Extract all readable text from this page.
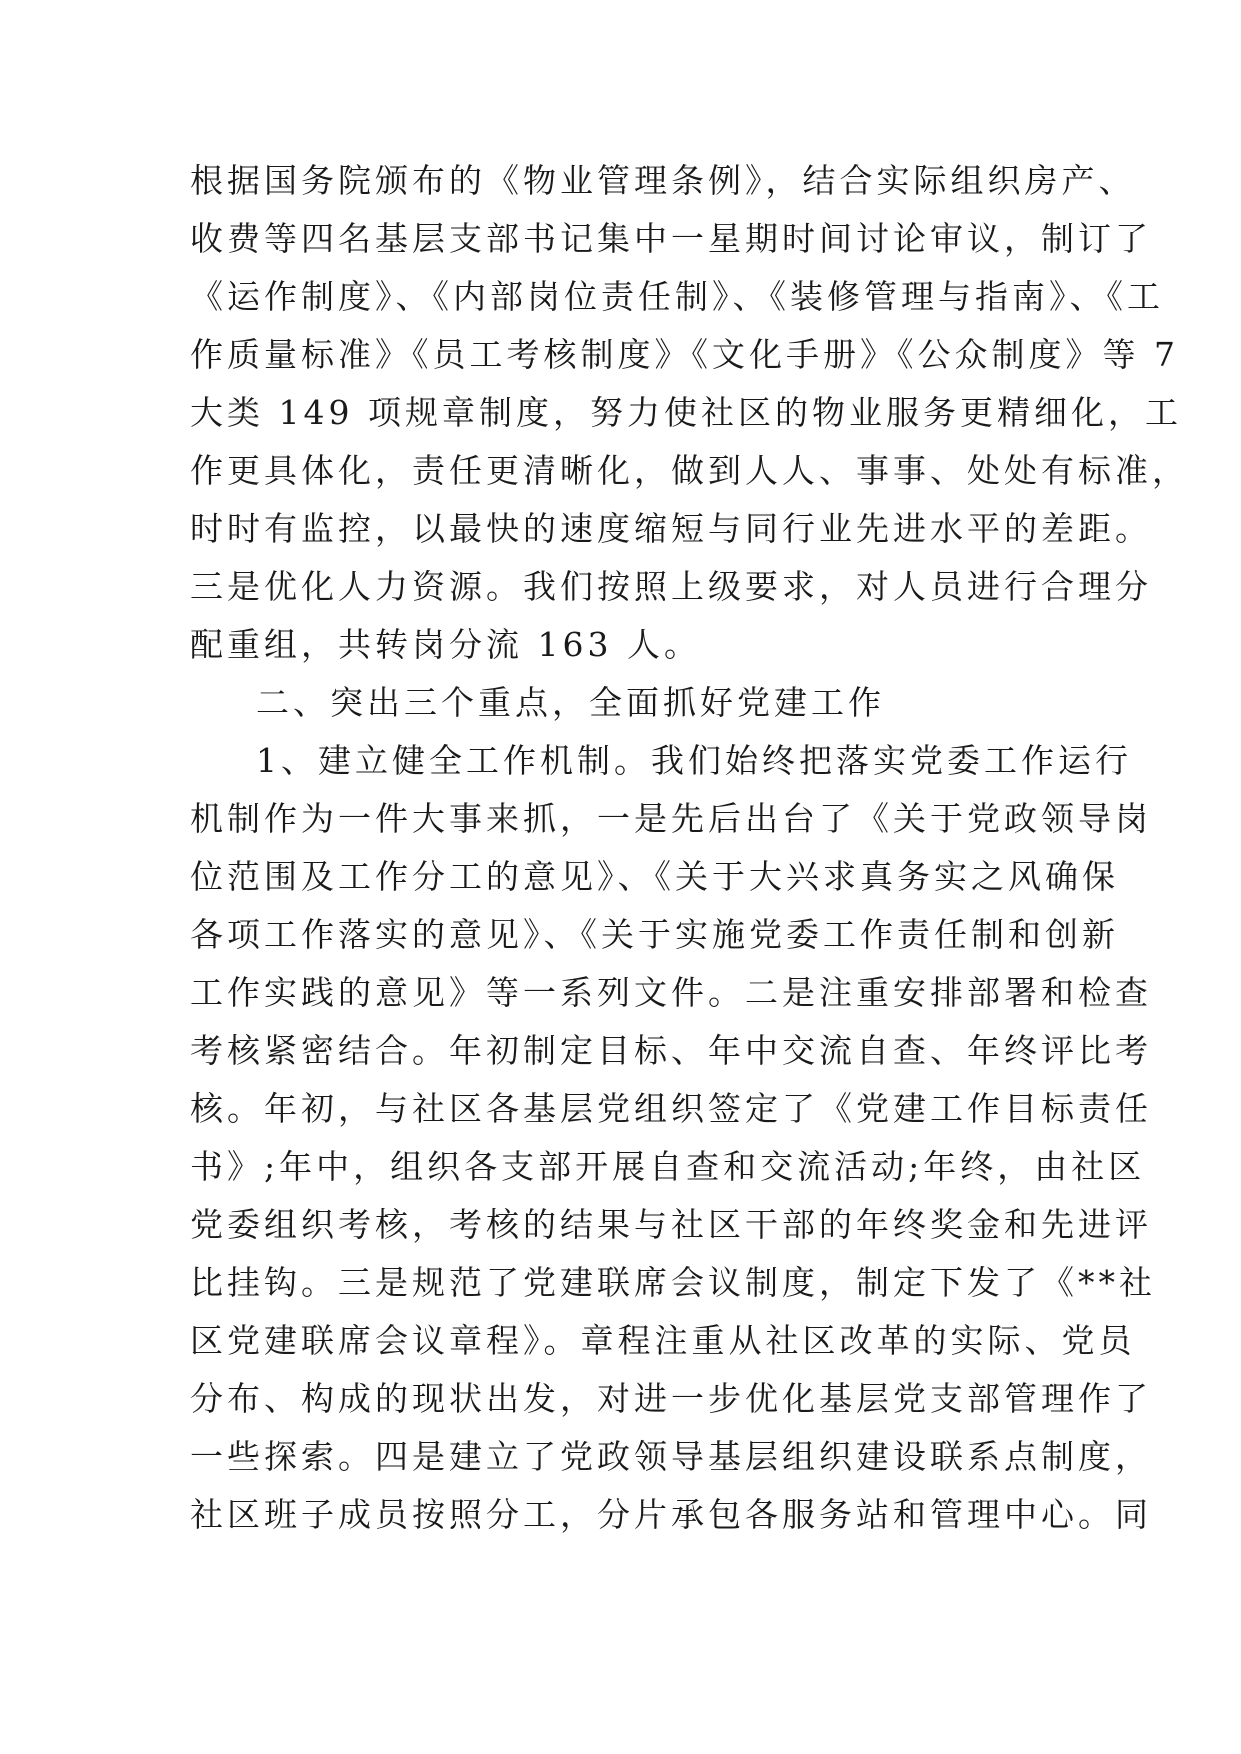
根据国务院颁布的《物业管理条例》，结合实际组织房产、
收费等四名基层支部书记集中一星期时间讨论审议，制订了
《运作制度》、《内部岗位责任制》、《装修管理与指南》、《工
作质量标准》《员工考核制度》《文化手册》《公众制度》等 7
大类 149 项规章制度，努力使社区的物业服务更精细化，工
作更具体化，责任更清晰化，做到人人、事事、处处有标准，
时时有监控，以最快的速度缩短与同行业先进水平的差距。
三是优化人力资源。我们按照上级要求，对人员进行合理分
配重组，共转岗分流 163 人。
二、突出三个重点，全面抓好党建工作
1、建立健全工作机制。我们始终把落实党委工作运行
机制作为一件大事来抓，一是先后出台了《关于党政领导岗
位范围及工作分工的意见》、《关于大兴求真务实之风确保
各项工作落实的意见》、《关于实施党委工作责任制和创新
工作实践的意见》等一系列文件。二是注重安排部署和检查
考核紧密结合。年初制定目标、年中交流自查、年终评比考
核。年初，与社区各基层党组织签定了《党建工作目标责任
书》;年中，组织各支部开展自查和交流活动;年终，由社区
党委组织考核，考核的结果与社区干部的年终奖金和先进评
比挂钩。三是规范了党建联席会议制度，制定下发了《**社
区党建联席会议章程》。章程注重从社区改革的实际、党员
分布、构成的现状出发，对进一步优化基层党支部管理作了
一些探索。四是建立了党政领导基层组织建设联系点制度，
社区班子成员按照分工，分片承包各服务站和管理中心。同
